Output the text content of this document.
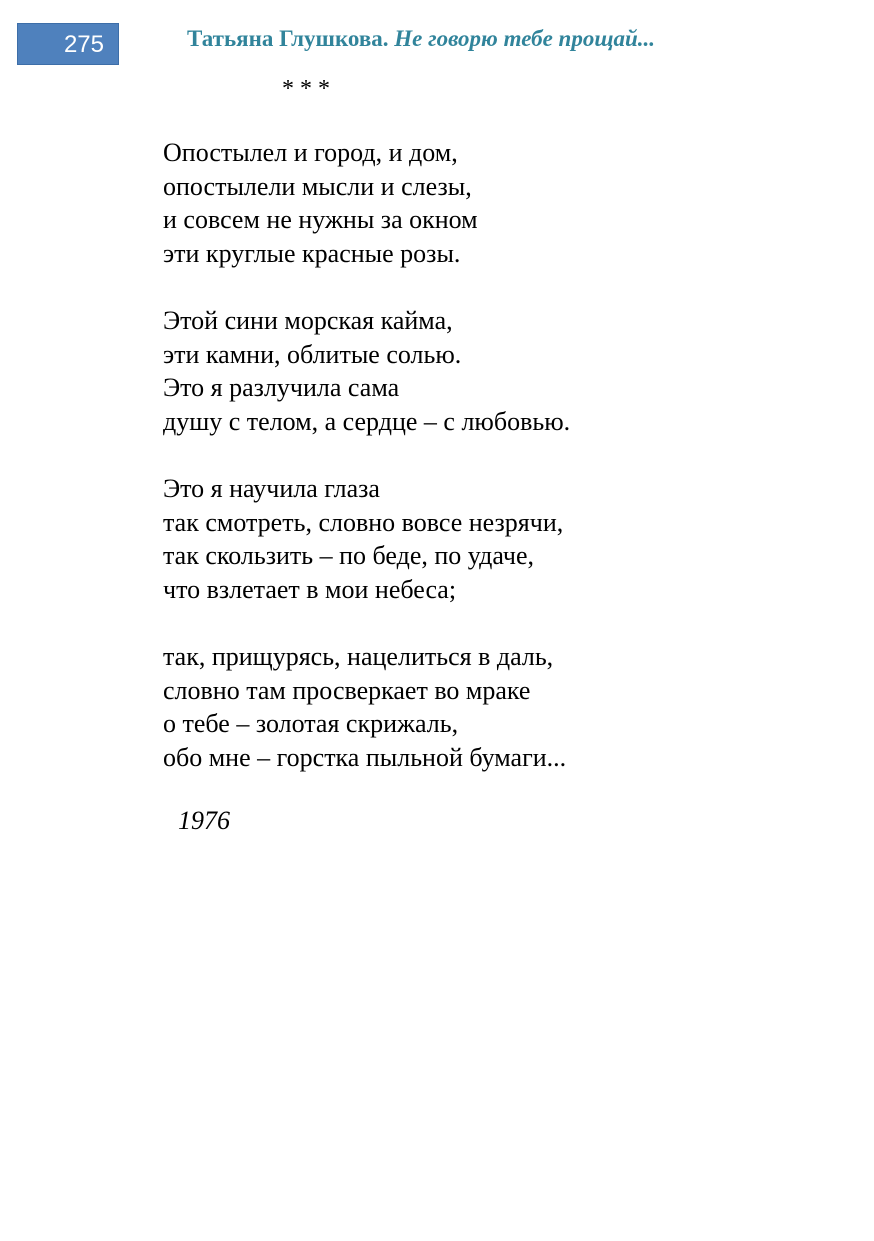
275	Татьяна Глушкова. Не говорю тебе прощай...
* * *
Опостылел и город, и дом,
опостылели мысли и слезы,
и совсем не нужны за окном
эти круглые красные розы.
Этой сини морская кайма,
эти камни, облитые солью.
Это я разлучила сама
душу с телом, а сердце – с любовью.
Это я научила глаза
так смотреть, словно вовсе незрячи,
так скользить – по беде, по удаче,
что взлетает в мои небеса;
так, прищурясь, нацелиться в даль,
словно там просверкает во мраке
о тебе – золотая скрижаль,
обо мне – горстка пыльной бумаги...
1976
